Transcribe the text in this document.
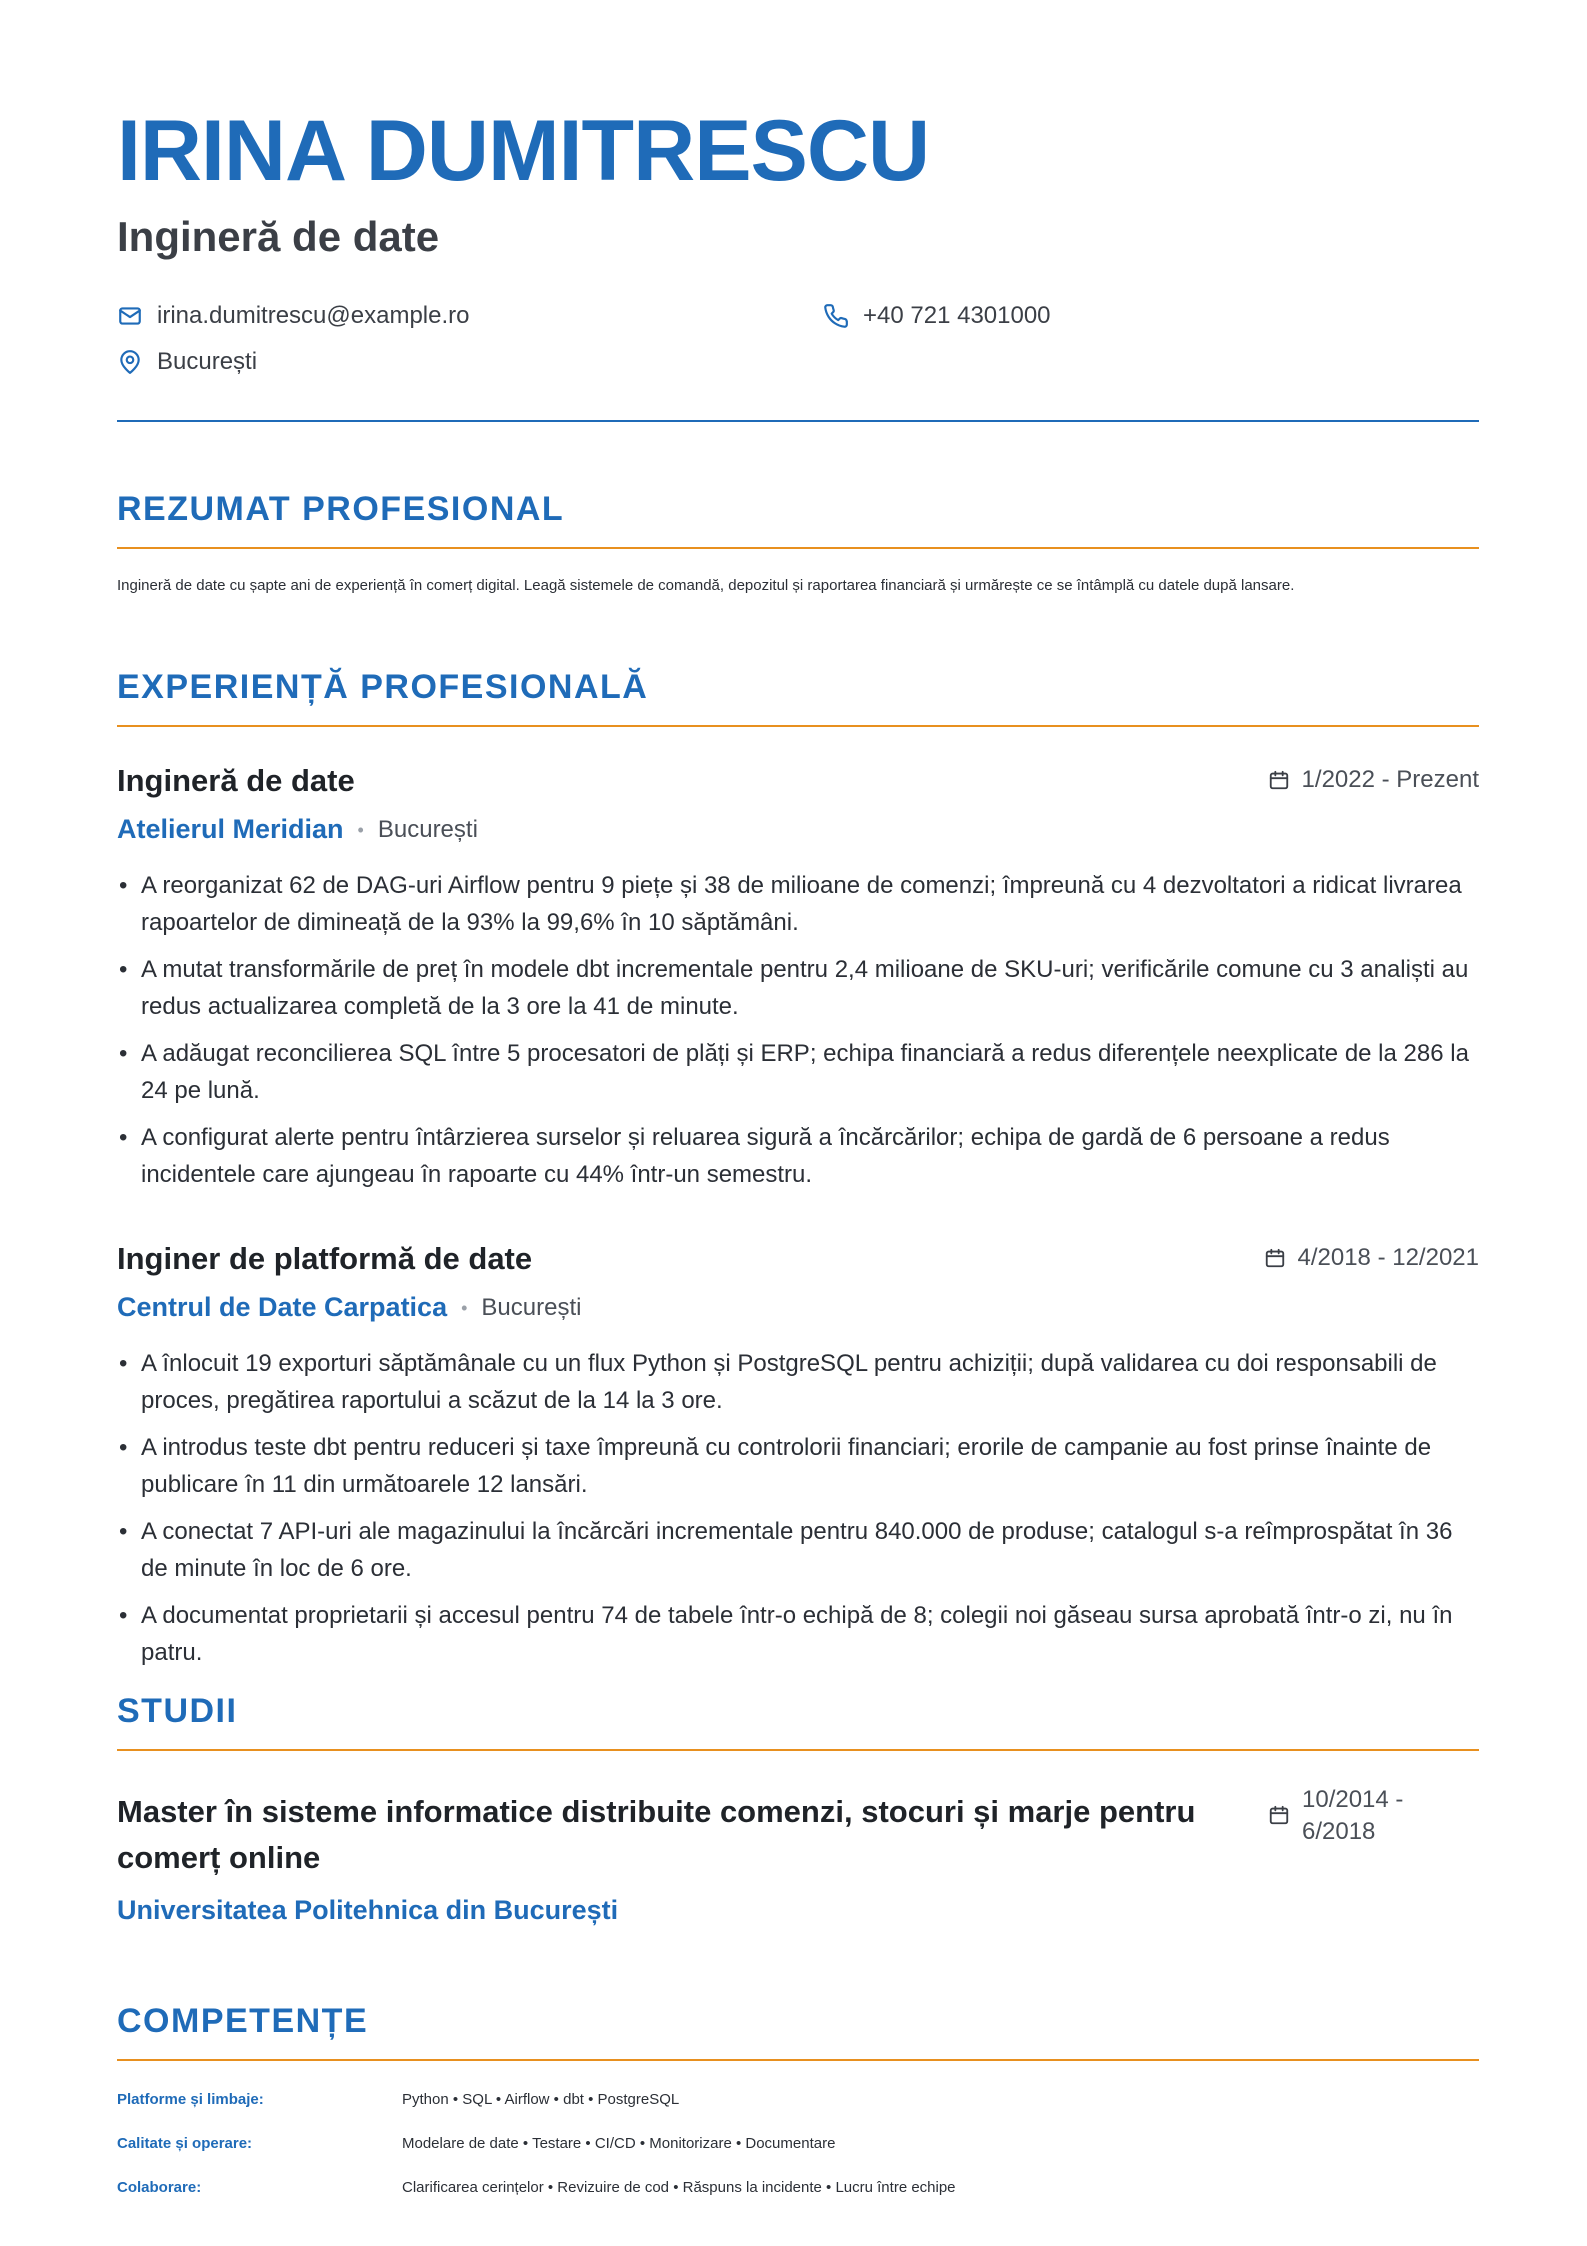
IRINA DUMITRESCU
Ingineră de date
irina.dumitrescu@example.ro	+40 721 4301000
București
REZUMAT PROFESIONAL
Ingineră de date cu șapte ani de experiență în comerț digital. Leagă sistemele de comandă, depozitul și raportarea financiară și urmărește ce se întâmplă cu datele după lansare.
EXPERIENȚĂ PROFESIONALĂ
Ingineră de date	1/2022 - Prezent
Atelierul Meridian • București
• A reorganizat 62 de DAG-uri Airflow pentru 9 piețe și 38 de milioane de comenzi; împreună cu 4 dezvoltatori a ridicat livrarea rapoartelor de dimineață de la 93% la 99,6% în 10 săptămâni.
• A mutat transformările de preț în modele dbt incrementale pentru 2,4 milioane de SKU-uri; verificările comune cu 3 analiști au redus actualizarea completă de la 3 ore la 41 de minute.
• A adăugat reconcilierea SQL între 5 procesatori de plăți și ERP; echipa financiară a redus diferențele neexplicate de la 286 la 24 pe lună.
• A configurat alerte pentru întârzierea surselor și reluarea sigură a încărcărilor; echipa de gardă de 6 persoane a redus incidentele care ajungeau în rapoarte cu 44% într-un semestru.
Inginer de platformă de date	4/2018 - 12/2021
Centrul de Date Carpatica • București
• A înlocuit 19 exporturi săptămânale cu un flux Python și PostgreSQL pentru achiziții; după validarea cu doi responsabili de proces, pregătirea raportului a scăzut de la 14 la 3 ore.
• A introdus teste dbt pentru reduceri și taxe împreună cu controlorii financiari; erorile de campanie au fost prinse înainte de publicare în 11 din următoarele 12 lansări.
• A conectat 7 API-uri ale magazinului la încărcări incrementale pentru 840.000 de produse; catalogul s-a reîmprospătat în 36 de minute în loc de 6 ore.
• A documentat proprietarii și accesul pentru 74 de tabele într-o echipă de 8; colegii noi găseau sursa aprobată într-o zi, nu în patru.
STUDII
Master în sisteme informatice distribuite comenzi, stocuri și marje pentru comerț online
10/2014 -
6/2018
Universitatea Politehnica din București
COMPETENȚE
Platforme și limbaje:	Python • SQL • Airflow • dbt • PostgreSQL
Calitate și operare:	Modelare de date • Testare • CI/CD • Monitorizare • Documentare
Colaborare:	Clarificarea cerințelor • Revizuire de cod • Răspuns la incidente • Lucru între echipe
